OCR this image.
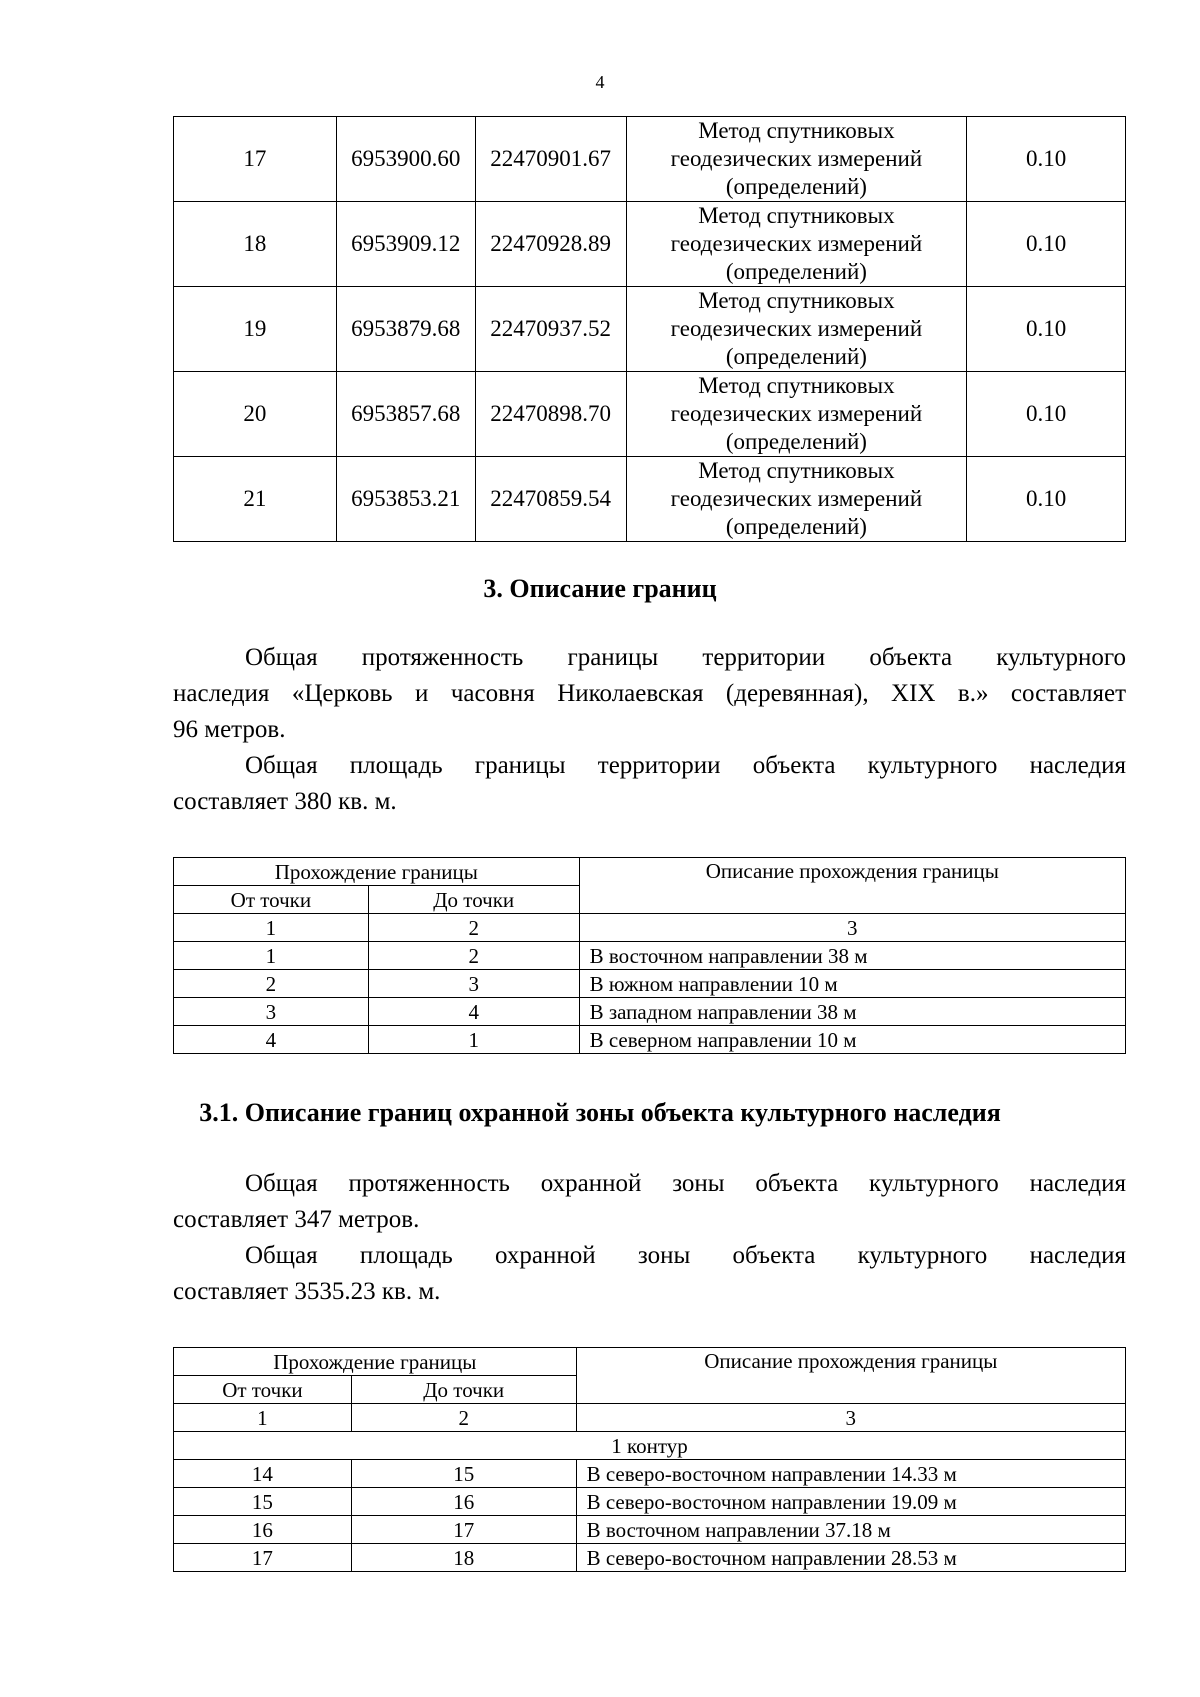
4
17	6953900.60	22470901.67	Метод спутниковых
геодезических измерений
(определений)	0.10
18	6953909.12	22470928.89	Метод спутниковых
геодезических измерений
(определений)	0.10
19	6953879.68	22470937.52	Метод спутниковых
геодезических измерений
(определений)	0.10
20	6953857.68	22470898.70	Метод спутниковых
геодезических измерений
(определений)	0.10
21	6953853.21	22470859.54	Метод спутниковых
геодезических измерений
(определений)	0.10
3. Описание границ
Общая протяженность границы территории объекта культурного
наследия «Церковь и часовня Николаевская (деревянная), XIX в.» составляет
96 метров.
Общая площадь границы территории объекта культурного наследия
составляет 380 кв. м.
Прохождение границы		Описание прохождения границы
От точки	До точки	
1	2	3
1	2	В восточном направлении 38 м
2	3	В южном направлении 10 м
3	4	В западном направлении 38 м
4	1	В северном направлении 10 м
3.1. Описание границ охранной зоны объекта культурного наследия
Общая протяженность охранной зоны объекта культурного наследия
составляет 347 метров.
Общая площадь охранной зоны объекта культурного наследия
составляет 3535.23 кв. м.
Прохождение границы		Описание прохождения границы
От точки	До точки	
1	2	3
1 контур		
14	15	В северо-восточном направлении 14.33 м
15	16	В северо-восточном направлении 19.09 м
16	17	В восточном направлении 37.18 м
17	18	В северо-восточном направлении 28.53 м
